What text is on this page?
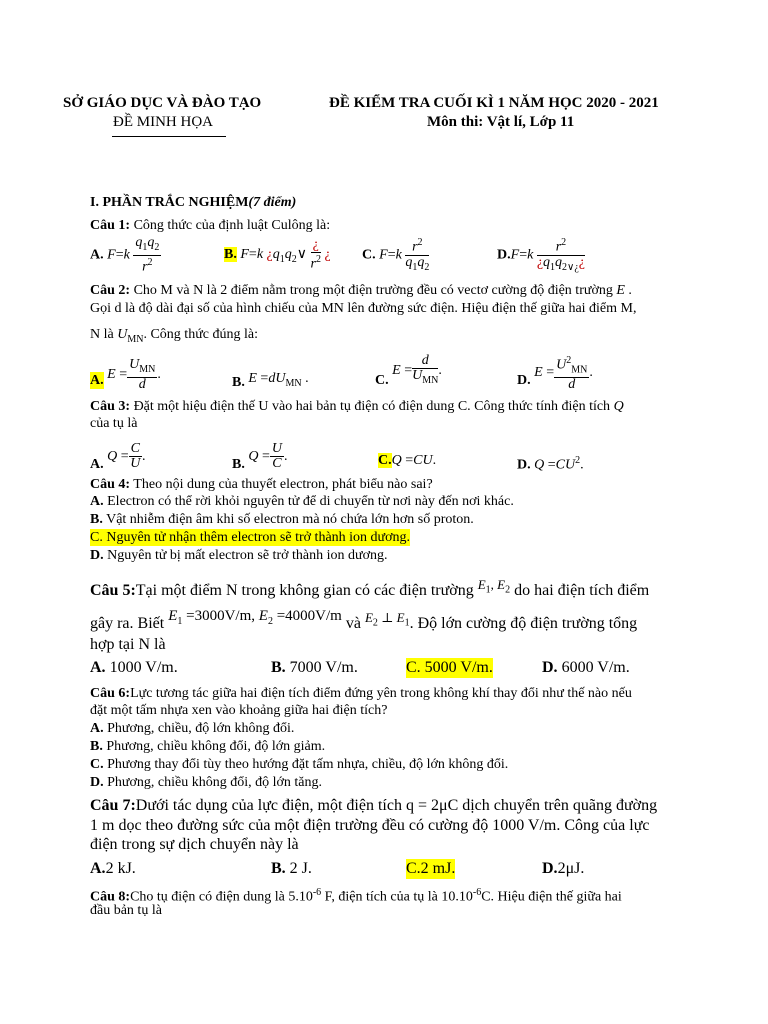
SỞ GIÁO DỤC VÀ ĐÀO TẠO
ĐỀ MINH HỌA
ĐỀ KIỂM TRA CUỐI KÌ 1 NĂM HỌC 2020 - 2021
Môn thi: Vật lí, Lớp 11
I. PHẦN TRẮC NGHIỆM(7 điểm)
Câu 1: Công thức của định luật Culông là:
A. $F=k \frac{q_1q_2}{r^2}$	B. F=k ¿$q_1q_2\vee \frac{¿}{r^2}$ ¿ C. $F=k \frac{r^2}{q_1q_2}$	$D.F=k \frac{r^2}{¿q_1q_{2\vee¿}¿}$
Câu 2: Cho M và N là 2 điểm nằm trong một điện trường đều có vectơ cường độ điện trường E .
Gọi d là độ dài đại số của hình chiếu của MN lên đường sức điện. Hiệu điện thế giữa hai điểm M,
N là $U_{MN}$. Công thức đúng là:
A. $E = \frac{U_{MN}}{d}$ .
B. $E =dU_{MN}$ .	C. $E = \frac{d}{U_{MN}}$ .
D. $E = \frac{U^2_{MN}}{d}$ .
Câu 3: Đặt một hiệu điện thế U vào hai bản tụ điện có điện dung C. Công thức tính điện tích Q
của tụ là
A. $Q = \frac{C}{U}$ .
B. $Q = \frac{U}{C}$ .	C.Q =CU.	D. $Q =CU^2$.
Câu 4: Theo nội dung của thuyết electron, phát biểu nào sai?
A. Electron có thể rời khỏi nguyên tử để di chuyển từ nơi này đến nơi khác.
B. Vật nhiễm điện âm khi số electron mà nó chứa lớn hơn số proton.
C. Nguyên tử nhận thêm electron sẽ trở thành ion dương.
D. Nguyên tử bị mất electron sẽ trở thành ion dương.
Câu 5:Tại một điểm N trong không gian có các điện trường $^{E_1, E_2}$ do hai điện tích điểm
gây ra. Biết $E_1 =3000V/m$, $E_2 =4000V/m$ và $^{E_2 \perp E_1}$. Độ lớn cường độ điện trường tổng
hợp tại N là
A. 1000 V/m.	B. 7000 V/m.	C. 5000 V/m.	D. 6000 V/m.
Câu 6:Lực tương tác giữa hai điện tích điểm đứng yên trong không khí thay đổi như thế nào nếu
đặt một tấm nhựa xen vào khoảng giữa hai điện tích?
A. Phương, chiều, độ lớn không đổi.
B. Phương, chiều không đổi, độ lớn giảm.
C. Phương thay đổi tùy theo hướng đặt tấm nhựa, chiều, độ lớn không đổi.
D. Phương, chiều không đổi, độ lớn tăng.
Câu 7:Dưới tác dụng của lực điện, một điện tích q = 2μC dịch chuyển trên quãng đường
1 m dọc theo đường sức của một điện trường đều có cường độ 1000 V/m. Công của lực
điện trong sự dịch chuyển này là
A.2 kJ.	B. 2 J.	C.2 mJ.	D.2μJ.
Câu 8:Cho tụ điện có điện dung là $5.10^{-6}$ F, điện tích của tụ là $10.10^{-6}C$. Hiệu điện thế giữa hai
đầu bản tụ là
